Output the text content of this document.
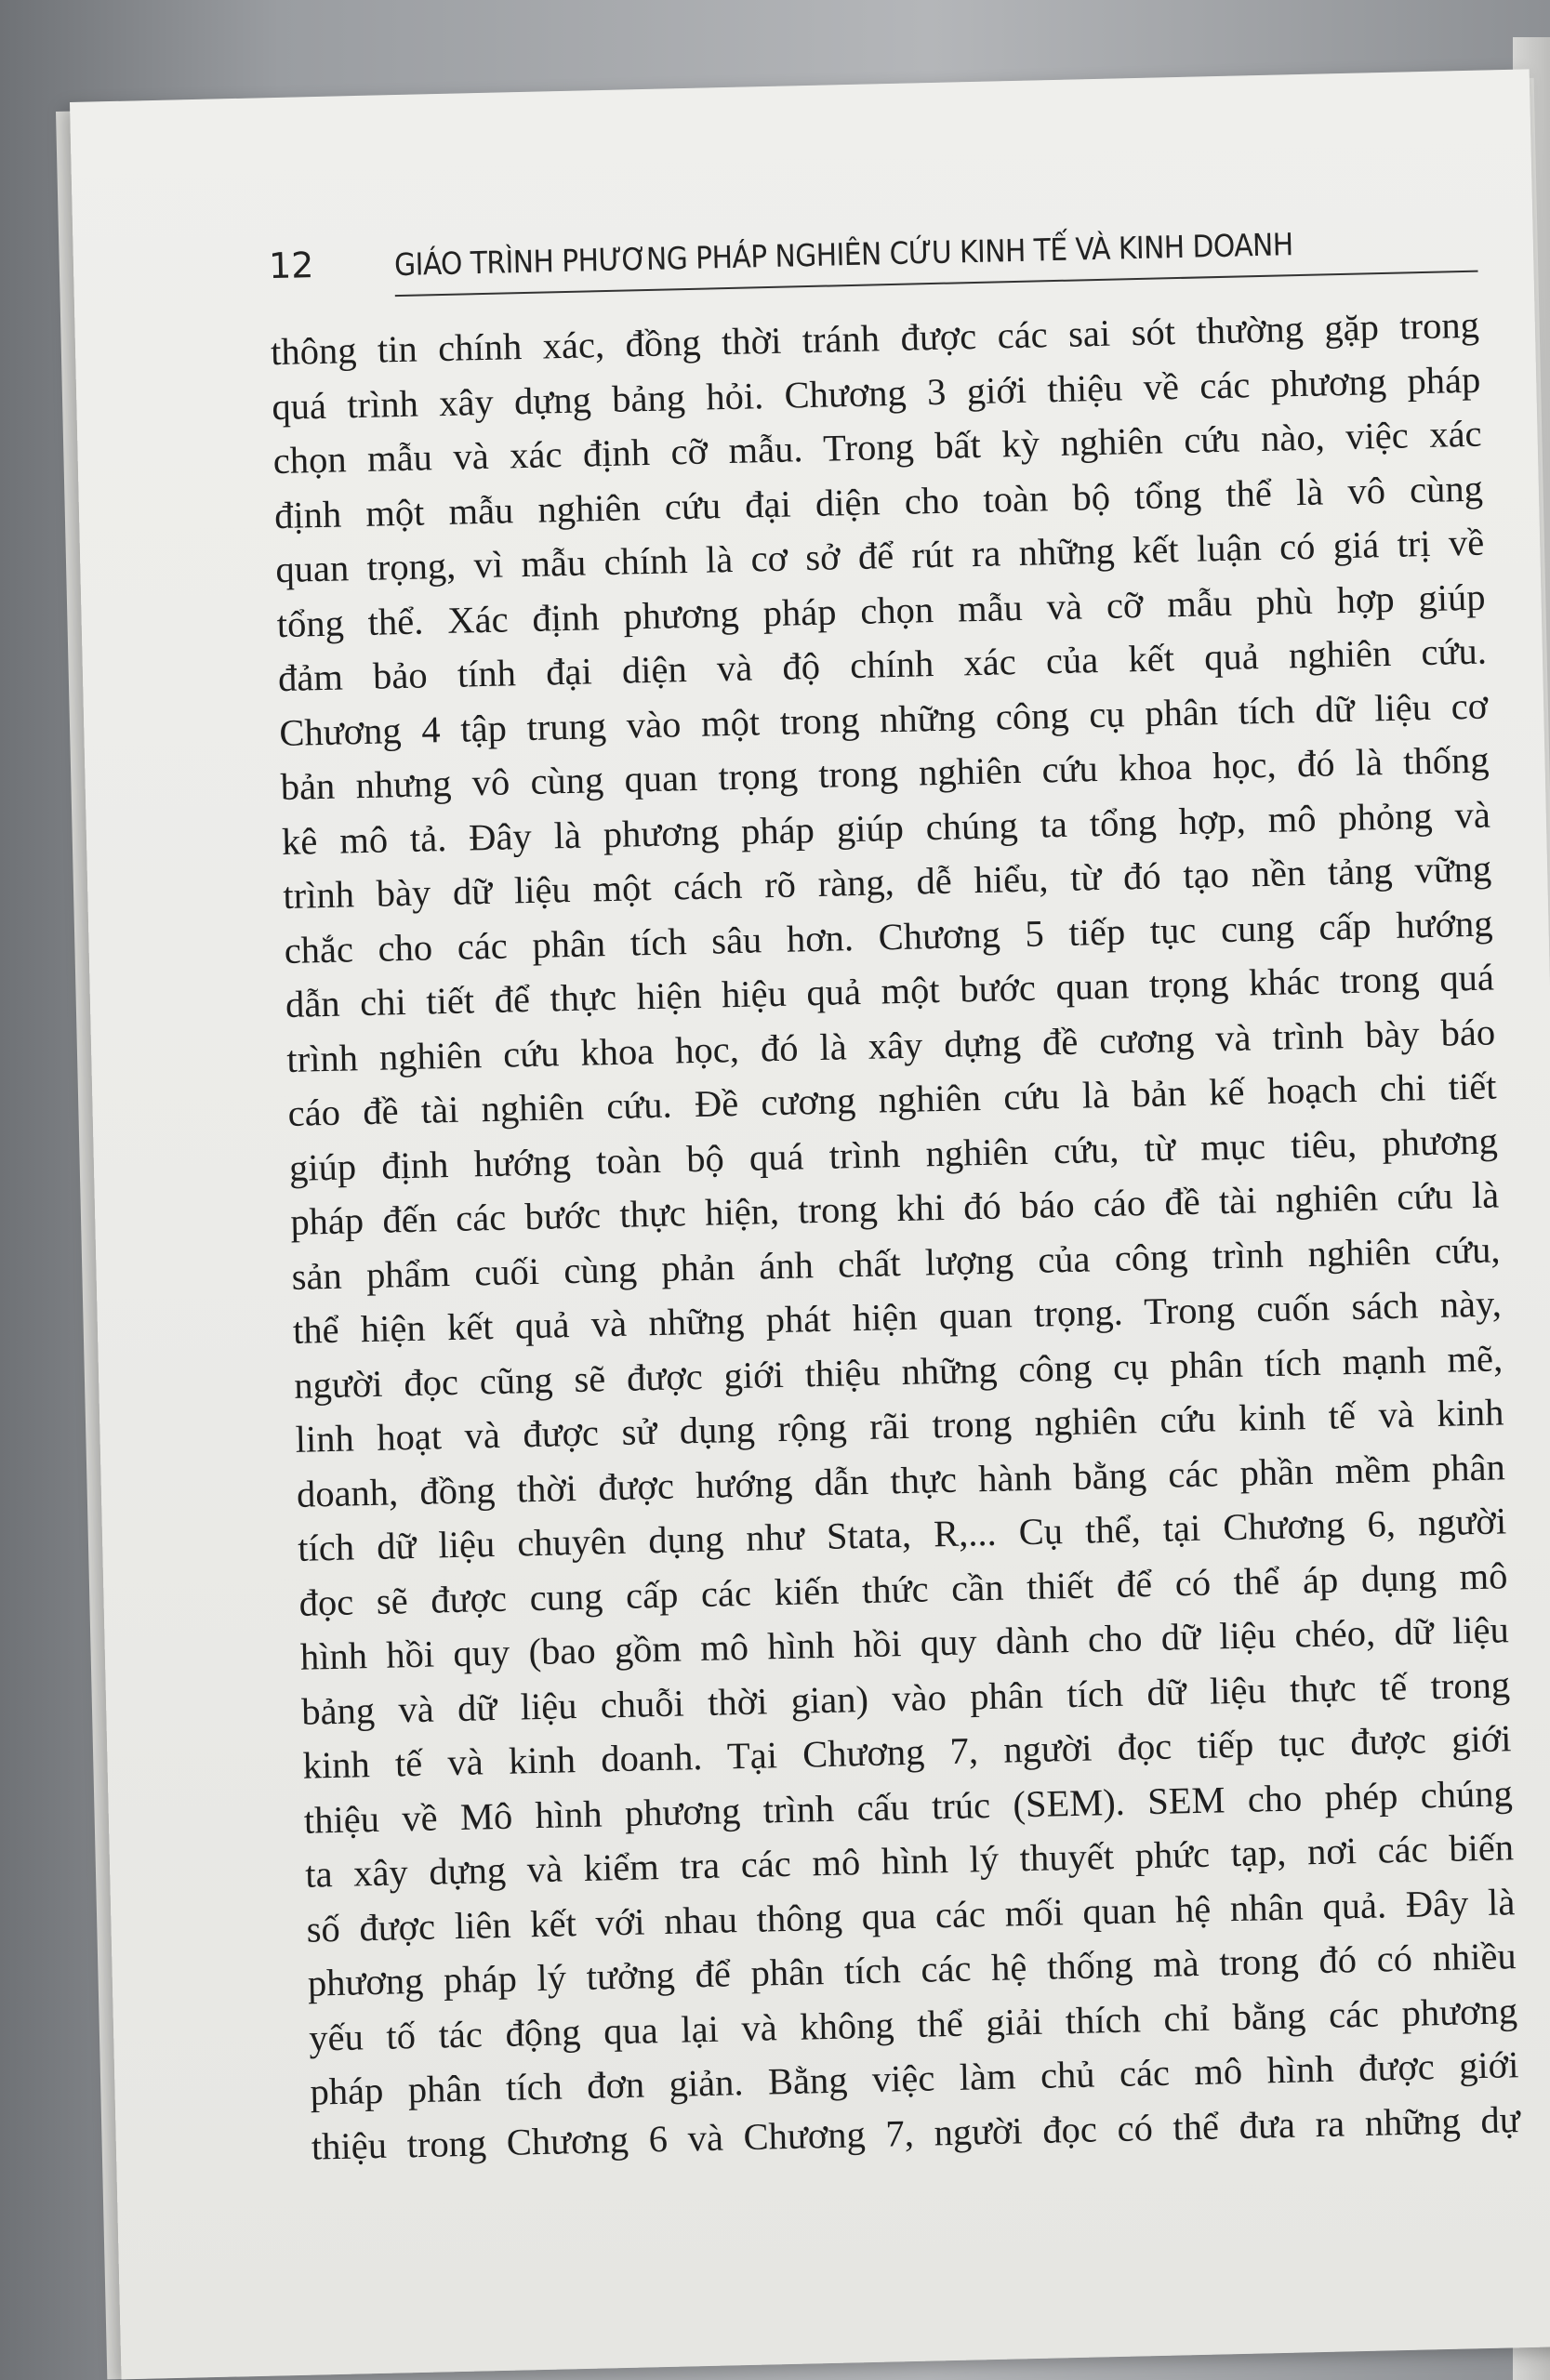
12	GIÁO TRÌNH PHƯƠNG PHÁP NGHIÊN CỨU KINH TẾ VÀ KINH DOANH
thông tin chính xác, đồng thời tránh được các sai sót thường gặp trong
quá trình xây dựng bảng hỏi. Chương 3 giới thiệu về các phương pháp
chọn mẫu và xác định cỡ mẫu. Trong bất kỳ nghiên cứu nào, việc xác
định một mẫu nghiên cứu đại diện cho toàn bộ tổng thể là vô cùng
quan trọng, vì mẫu chính là cơ sở để rút ra những kết luận có giá trị về
tổng thể. Xác định phương pháp chọn mẫu và cỡ mẫu phù hợp giúp
đảm bảo tính đại diện và độ chính xác của kết quả nghiên cứu.
Chương 4 tập trung vào một trong những công cụ phân tích dữ liệu cơ
bản nhưng vô cùng quan trọng trong nghiên cứu khoa học, đó là thống
kê mô tả. Đây là phương pháp giúp chúng ta tổng hợp, mô phỏng và
trình bày dữ liệu một cách rõ ràng, dễ hiểu, từ đó tạo nền tảng vững
chắc cho các phân tích sâu hơn. Chương 5 tiếp tục cung cấp hướng
dẫn chi tiết để thực hiện hiệu quả một bước quan trọng khác trong quá
trình nghiên cứu khoa học, đó là xây dựng đề cương và trình bày báo
cáo đề tài nghiên cứu. Đề cương nghiên cứu là bản kế hoạch chi tiết
giúp định hướng toàn bộ quá trình nghiên cứu, từ mục tiêu, phương
pháp đến các bước thực hiện, trong khi đó báo cáo đề tài nghiên cứu là
sản phẩm cuối cùng phản ánh chất lượng của công trình nghiên cứu,
thể hiện kết quả và những phát hiện quan trọng. Trong cuốn sách này,
người đọc cũng sẽ được giới thiệu những công cụ phân tích mạnh mẽ,
linh hoạt và được sử dụng rộng rãi trong nghiên cứu kinh tế và kinh
doanh, đồng thời được hướng dẫn thực hành bằng các phần mềm phân
tích dữ liệu chuyên dụng như Stata, R,... Cụ thể, tại Chương 6, người
đọc sẽ được cung cấp các kiến thức cần thiết để có thể áp dụng mô
hình hồi quy (bao gồm mô hình hồi quy dành cho dữ liệu chéo, dữ liệu
bảng và dữ liệu chuỗi thời gian) vào phân tích dữ liệu thực tế trong
kinh tế và kinh doanh. Tại Chương 7, người đọc tiếp tục được giới
thiệu về Mô hình phương trình cấu trúc (SEM). SEM cho phép chúng
ta xây dựng và kiểm tra các mô hình lý thuyết phức tạp, nơi các biến
số được liên kết với nhau thông qua các mối quan hệ nhân quả. Đây là
phương pháp lý tưởng để phân tích các hệ thống mà trong đó có nhiều
yếu tố tác động qua lại và không thể giải thích chỉ bằng các phương
pháp phân tích đơn giản. Bằng việc làm chủ các mô hình được giới
thiệu trong Chương 6 và Chương 7, người đọc có thể đưa ra những dự
